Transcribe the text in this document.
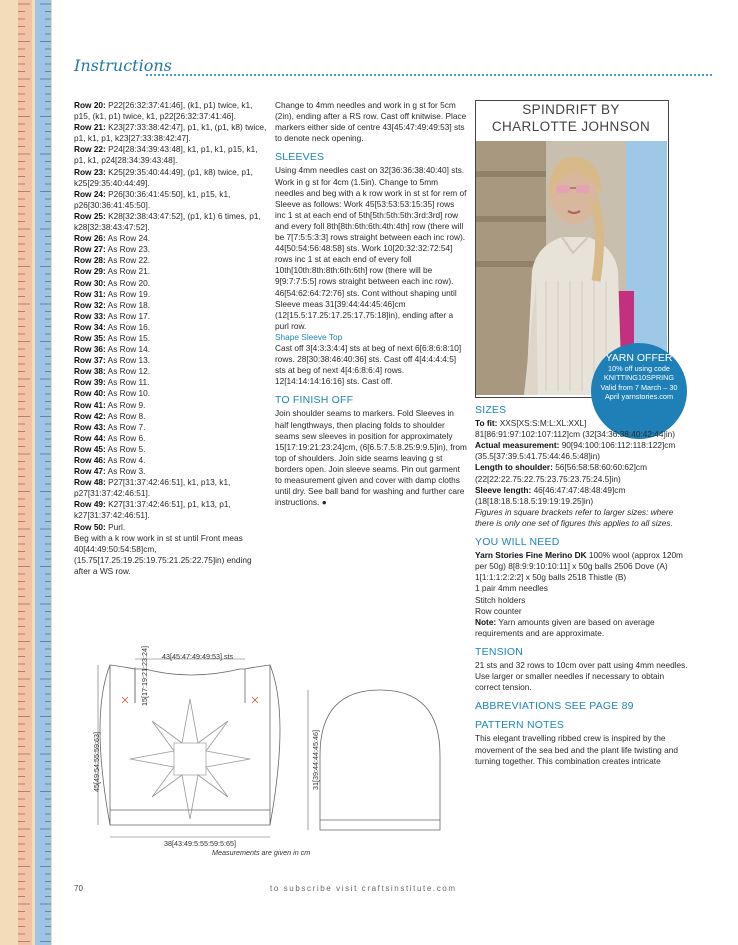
Instructions

Row 20: P22[26:32:37:41:46], (k1, p1) twice, k1, p15, (k1, p1) twice, k1, p22[26:32:37:41:46].

Row 21: K23[27:33:38:42:47], p1, k1, (p1, k8) twice, p1, k1, p1, k23[27:33:38:42:47].

Row 22: P24[28:34:39:43:48], k1, p1, k1, p15, k1, p1, k1, p24[28:34:39:43:48].

Row 23: K25[29:35:40:44:49], (p1, k8) twice, p1, k25[29:35:40:44:49].

Row 24: P26[30:36:41:45:50], k1, p15, k1, p26[30:36:41:45:50].

Row 25: K28[32:38:43:47:52], (p1, k1) 6 times, p1, k28[32:38:43:47:52].

Row 26: As Row 24.

Row 27: As Row 23.

Row 28: As Row 22.

Row 29: As Row 21.

Row 30: As Row 20.

Row 31: As Row 19.

Row 32: As Row 18.

Row 33: As Row 17.

Row 34: As Row 16.

Row 35: As Row 15.

Row 36: As Row 14.

Row 37: As Row 13.

Row 38: As Row 12.

Row 39: As Row 11.

Row 40: As Row 10.

Row 41: As Row 9.

Row 42: As Row 8.

Row 43: As Row 7.

Row 44: As Row 6.

Row 45: As Row 5.

Row 46: As Row 4.

Row 47: As Row 3.

Row 48: P27[31:37:42:46:51], k1, p13, k1, p27[31:37:42:46:51].

Row 49: K27[31:37:42:46:51], p1, k13, p1, k27[31:37:42:46:51].

Row 50: Purl.

Beg with a k row work in st st until Front meas 40[44:49:50:54:58]cm, (15.75[17.25:19.25:19.75:21.25:22.75]in) ending after a WS row.

Change to 4mm needles and work in g st for 5cm (2in), ending after a RS row. Cast off knitwise. Place markers either side of centre 43[45:47:49:49:53] sts to denote neck opening.

SLEEVES

Using 4mm needles cast on 32[36:36:38:40:40] sts. Work in g st for 4cm (1.5in). Change to 5mm needles and beg with a k row work in st st for rem of Sleeve as follows: Work 45[53:53:53:15:35] rows inc 1 st at each end of 5th[5th:5th:5th:3rd:3rd] row and every foll 8th[8th:6th:6th:4th:4th] row (there will be 7[7:5:5:3:3] rows straight between each inc row). 44[50:54:56:48:58] sts. Work 10[20:32:32:72:54] rows inc 1 st at each end of every foll 10th[10th:8th:8th:6th:6th] row (there will be 9[9:7:7:5:5] rows straight between each inc row). 46[54:62:64:72:76] sts. Cont without shaping until Sleeve meas 31[39:44:44:45:46]cm (12[15.5:17.25:17.25:17.75:18]in), ending after a purl row.

Shape Sleeve Top

Cast off 3[4:3:3:4:4] sts at beg of next 6[6:8:6:8:10] rows. 28[30:38:46:40:36] sts. Cast off 4[4:4:4:4:5] sts at beg of next 4[4:6:8:6:4] rows. 12[14:14:14:16:16] sts. Cast off.

TO FINISH OFF

Join shoulder seams to markers. Fold Sleeves in half lengthways, then placing folds to shoulder seams sew sleeves in position for approximately 15[17:19:21:23:24]cm, (6[6.5:7.5:8.25:9:9.5]in), from top of shoulders. Join side seams leaving g st borders open. Join sleeve seams. Pin out garment to measurement given and cover with damp cloths until dry. See ball band for washing and further care instructions. ●

SPINDRIFT BY
CHARLOTTE JOHNSON
YARN OFFER
10% off using code KNITTING10SPRING Valid from 7 March – 30 April yarnstories.com
SIZES

To fit: XXS[XS:S:M:L:XL:XXL] 81[86:91:97:102:107:112]cm (32[34:36:38:40:42:44]in)

Actual measurement: 90[94:100:106:112:118:122]cm (35.5[37:39.5:41.75:44:46.5:48]in)

Length to shoulder: 56[56:58:58:60:60:62]cm (22[22:22.75:22.75:23.75:23.75:24.5]in)

Sleeve length: 46[46:47:47:48:48:49]cm (18[18:18.5:18.5:19:19:19.25]in)

Figures in square brackets refer to larger sizes: where there is only one set of figures this applies to all sizes.

YOU WILL NEED

Yarn Stories Fine Merino DK 100% wool (approx 120m per 50g) 8[8:9:9:10:10:11] x 50g balls 2506 Dove (A) 1[1:1:1:2:2:2] x 50g balls 2518 Thistle (B)

1 pair 4mm needles

Stitch holders

Row counter

Note: Yarn amounts given are based on average requirements and are approximate.

TENSION

21 sts and 32 rows to 10cm over patt using 4mm needles. Use larger or smaller needles if necessary to obtain correct tension.

ABBREVIATIONS SEE PAGE 89
PATTERN NOTES

This elegant travelling ribbed crew is inspired by the movement of the sea bed and the plant life twisting and turning together. This combination creates intricate

43[45:47:49:49:53] sts
15[17:19:21:23:24]
45[49:54:55:59:63]
38[43:49:5:55:59:5:65]
31[39:44:44:45:46]
Measurements are given in cm
70	to subscribe visit craftsinstitute.com
